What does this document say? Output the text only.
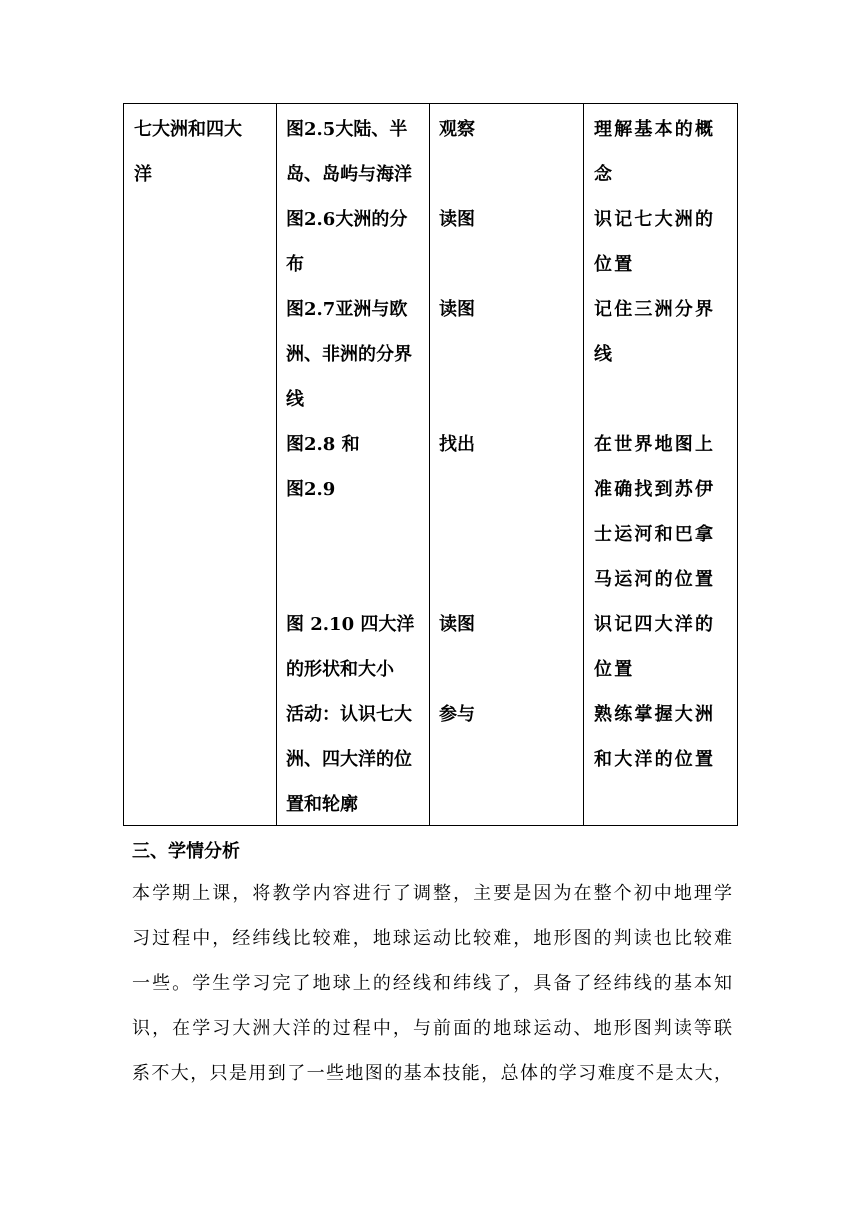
七大洲和四大
洋
图2.5大陆、半
岛、岛屿与海洋
图2.6大洲的分
布
图2.7亚洲与欧
洲、非洲的分界
线
图2.8 和
图2.9
图 2.10 四大洋
的形状和大小
活动：认识七大
洲、四大洋的位
置和轮廓
观察
读图
读图
找出
读图
参与
理解基本的概
念
识记七大洲的
位置
记住三洲分界
线
在世界地图上
准确找到苏伊
士运河和巴拿
马运河的位置
识记四大洋的
位置
熟练掌握大洲
和大洋的位置
三、学情分析
本学期上课，将教学内容进行了调整，主要是因为在整个初中地理学
习过程中，经纬线比较难，地球运动比较难，地形图的判读也比较难
一些。学生学习完了地球上的经线和纬线了，具备了经纬线的基本知
识，在学习大洲大洋的过程中，与前面的地球运动、地形图判读等联
系不大，只是用到了一些地图的基本技能，总体的学习难度不是太大，
